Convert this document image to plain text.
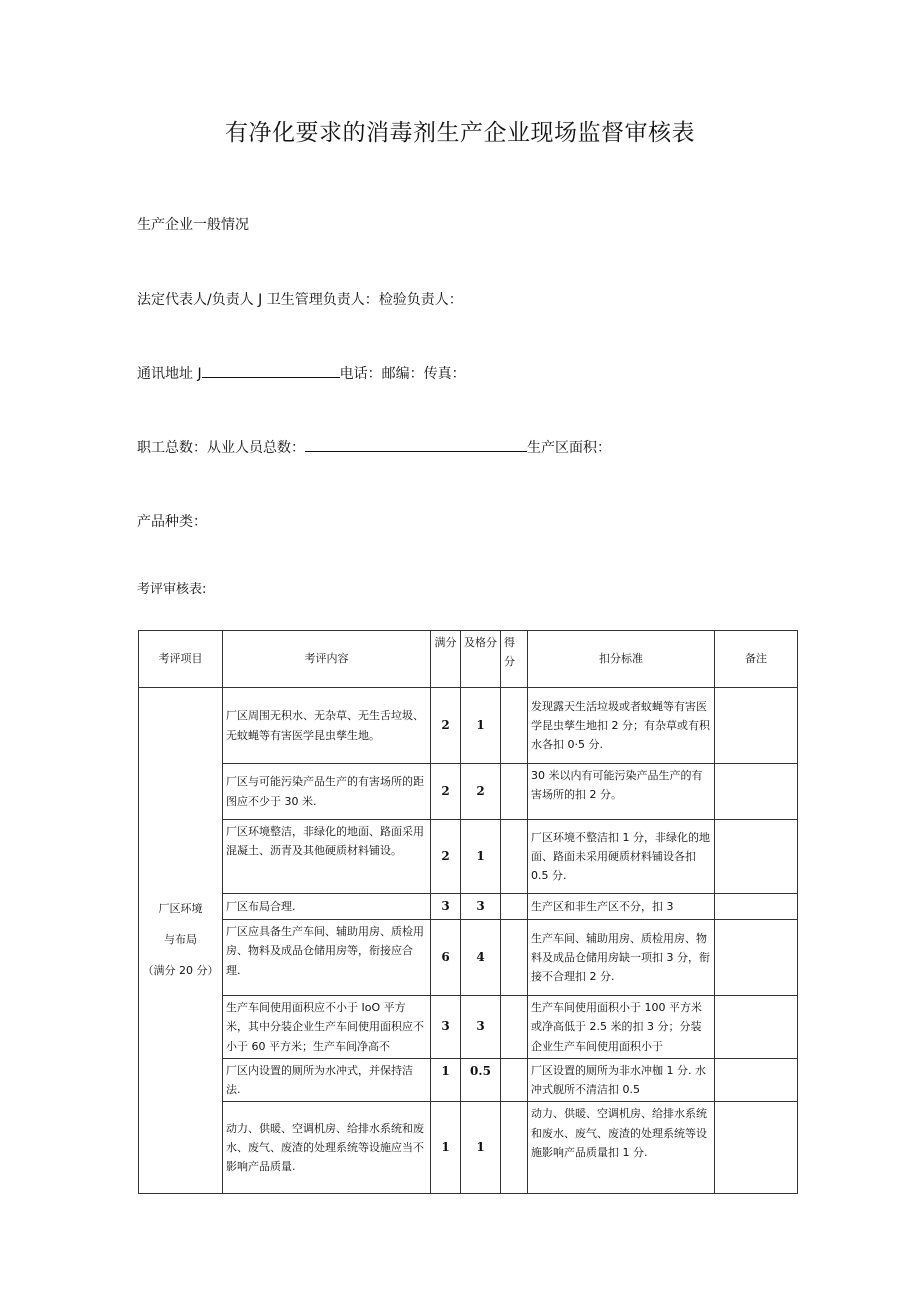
有净化要求的消毒剂生产企业现场监督审核表
生产企业一般情况
法定代表人/负责人 J 卫生管理负责人：检验负责人：
通讯地址 J	电话：邮编：传真：
职工总数：从业人员总数：	生产区面积：
产品种类：
考评审核表:
考评项目	考评内容	满分	及格分	得分	扣分标准	备注

厂区环境
与布局
（满分 20 分）	厂区周围无积水、无杂草、无生舌垃圾、无蚊蝇等有害医学昆虫孳生地。	2	1		发现露天生活垃圾或者蚊蝇等有害医学昆虫孳生地扣 2 分；有杂草或有积水各扣 0·5 分.	
	厂区与可能污染产品生产的有害场所的距图应不少于 30 米.	2	2		30 米以内有可能污染产品生产的有害场所的扣 2 分。	
	厂区环境整洁，非绿化的地面、路面采用混凝土、沥青及其他硬质材料铺设。	2	1		厂区环境不整洁扣 1 分，非绿化的地面、路面未采用硬质材料铺设各扣 0.5 分.	
	厂区布局合理.	3	3		生产区和非生产区不分，扣 3	
	厂区应具备生产车间、辅助用房、质检用房、物料及成品仓储用房等，衔接应合理.	6	4		生产车间、辅助用房、质检用房、物料及成品仓储用房缺一项扣 3 分，衔接不合理扣 2 分.	
	生产车间使用面积应不小于 IoO 平方米，其中分装企业生产车间使用面积应不小于 60 平方米；生产车间净高不	3	3		生产车间使用面积小于 100 平方米或净高低于 2.5 米的扣 3 分；分装企业生产车间使用面积小于	
	厂区内设置的厕所为水冲式，并保持洁法.	1	0.5		厂区设置的厕所为非水冲枷 1 分. 水冲式舰所不清洁扣 0.5	
	动力、供暖、空调机房、给排水系统和废水、废气、废渣的处理系统等设施应当不影响产品质量.	1	1		动力、供暖、空调机房、给排水系统和废水、废气、废渣的处理系统等设施影响产品质量扣 1 分.	
